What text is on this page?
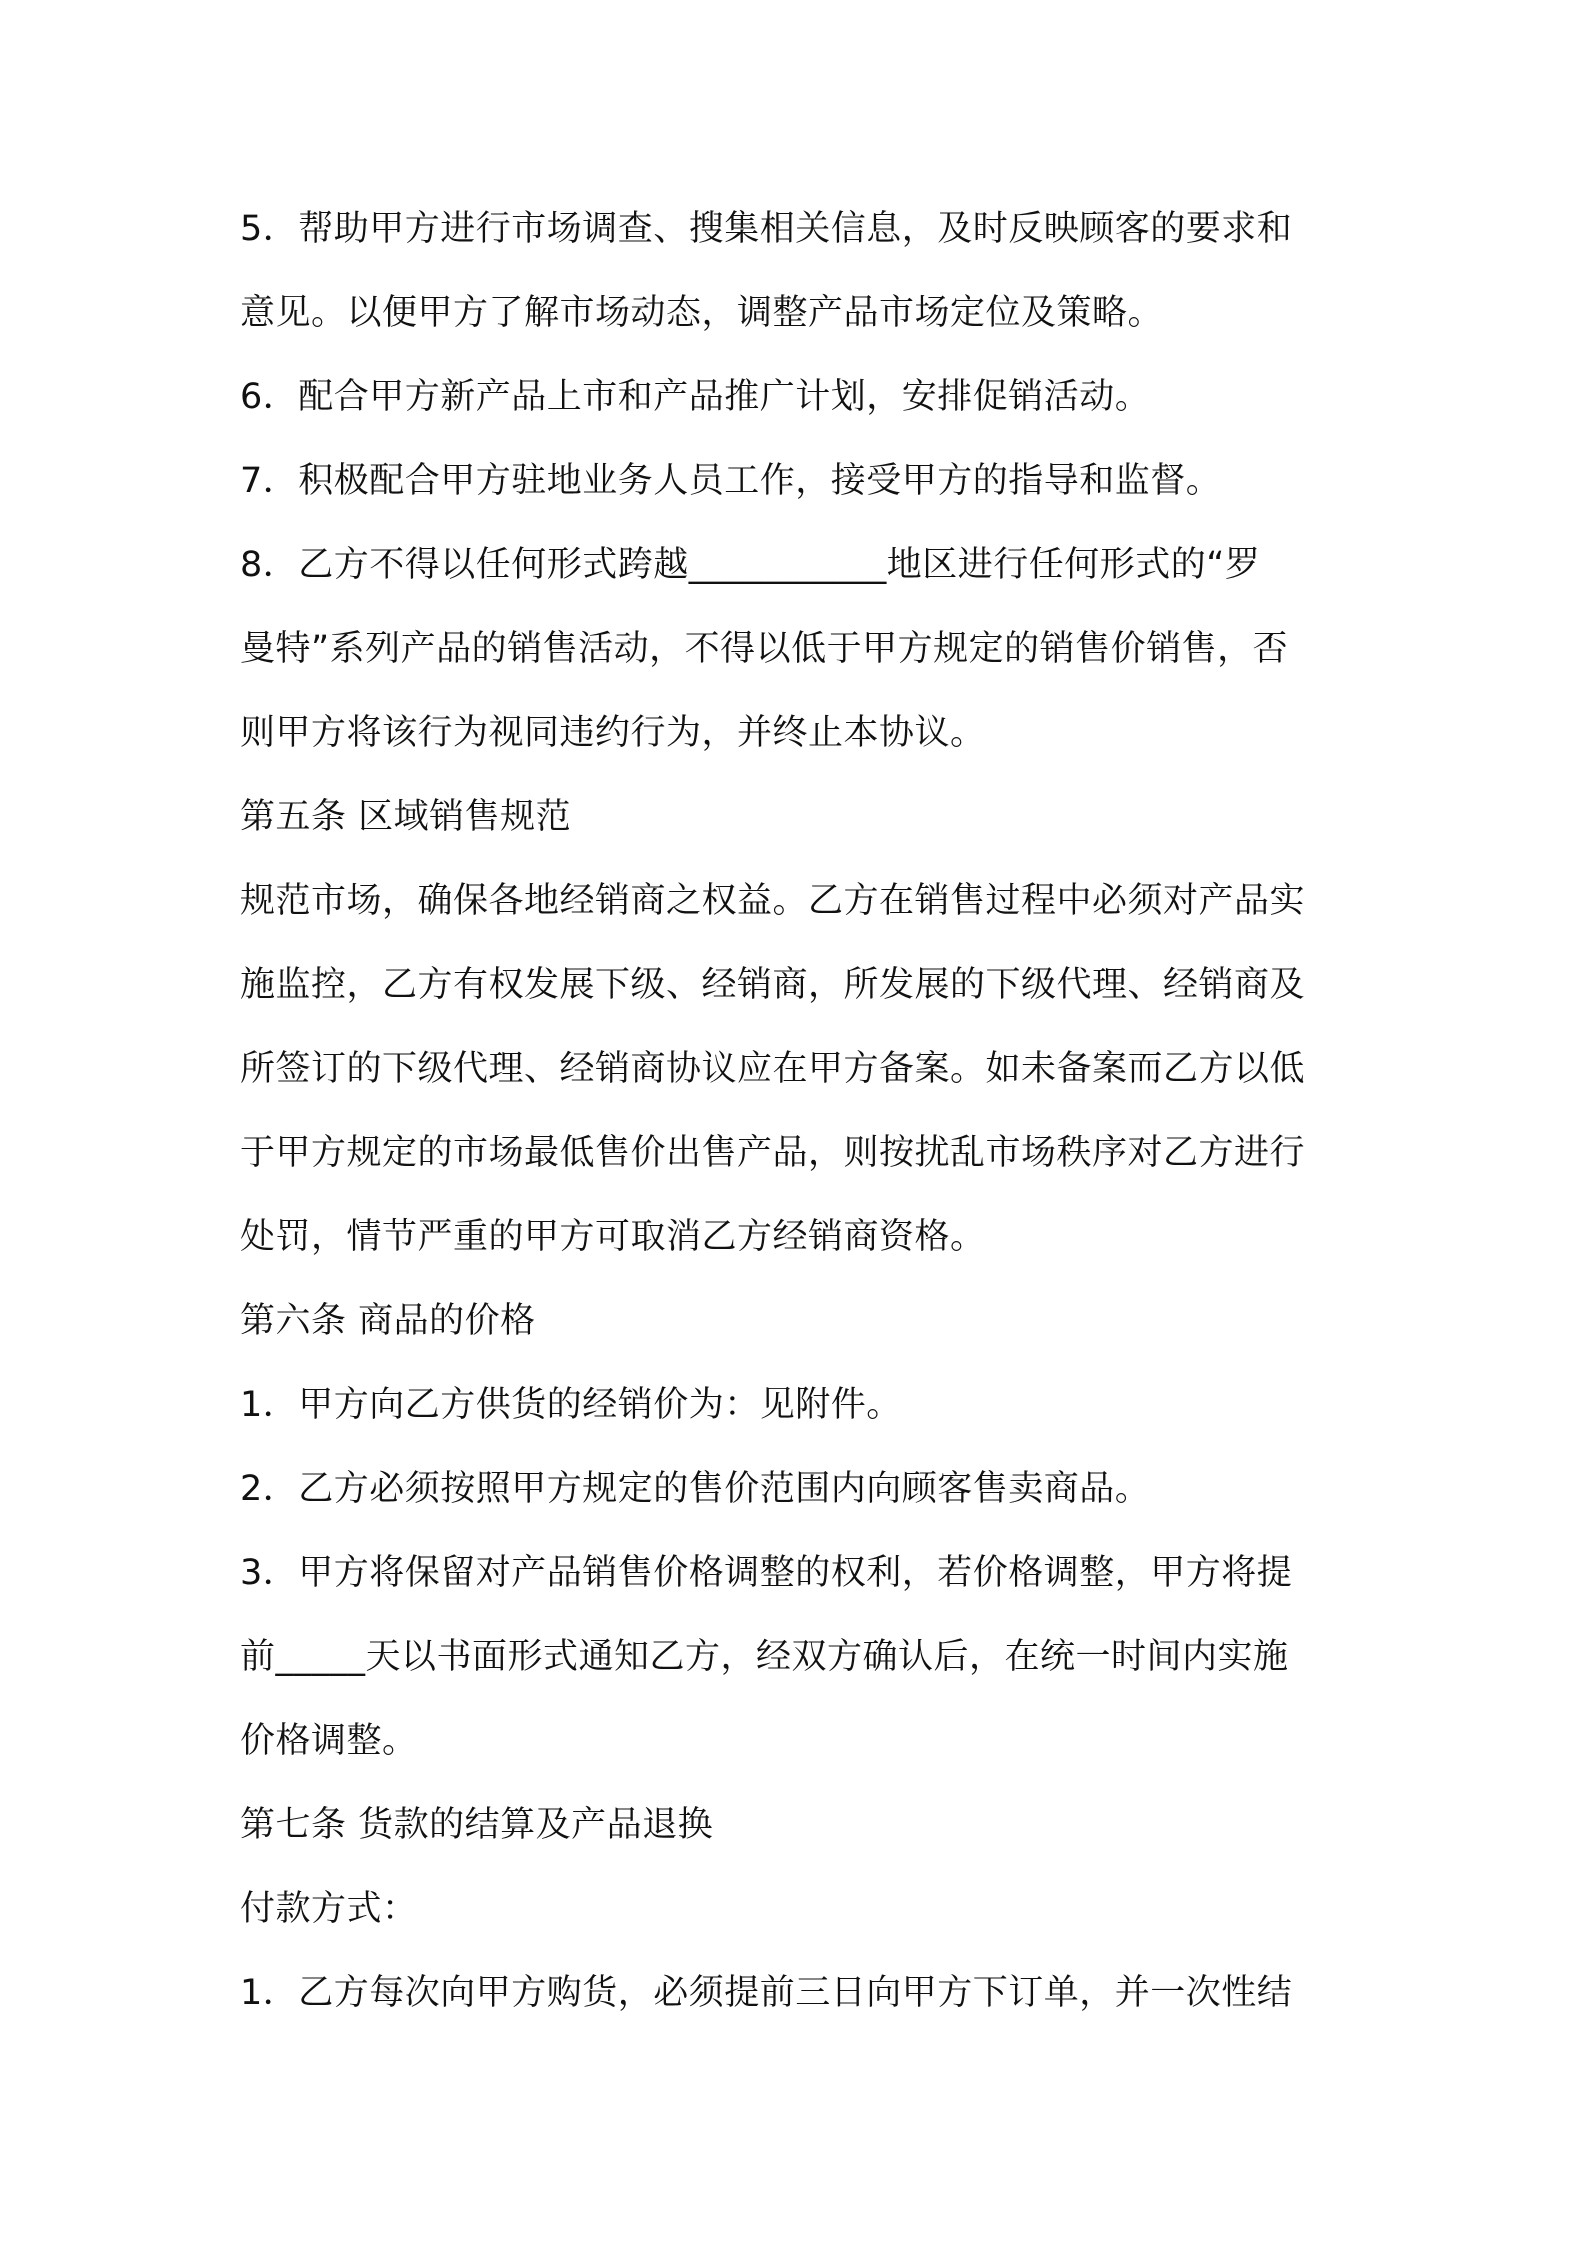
5．帮助甲方进行市场调查、搜集相关信息，及时反映顾客的要求和
意见。以便甲方了解市场动态，调整产品市场定位及策略。
6．配合甲方新产品上市和产品推广计划，安排促销活动。
7．积极配合甲方驻地业务人员工作，接受甲方的指导和监督。
8．乙方不得以任何形式跨越___________地区进行任何形式的“罗
曼特”系列产品的销售活动，不得以低于甲方规定的销售价销售，否
则甲方将该行为视同违约行为，并终止本协议。
第五条 区域销售规范
规范市场，确保各地经销商之权益。乙方在销售过程中必须对产品实
施监控，乙方有权发展下级、经销商，所发展的下级代理、经销商及
所签订的下级代理、经销商协议应在甲方备案。如未备案而乙方以低
于甲方规定的市场最低售价出售产品，则按扰乱市场秩序对乙方进行
处罚，情节严重的甲方可取消乙方经销商资格。
第六条 商品的价格
1．甲方向乙方供货的经销价为：见附件。
2．乙方必须按照甲方规定的售价范围内向顾客售卖商品。
3．甲方将保留对产品销售价格调整的权利，若价格调整，甲方将提
前_____天以书面形式通知乙方，经双方确认后，在统一时间内实施
价格调整。
第七条 货款的结算及产品退换
付款方式：
1．乙方每次向甲方购货，必须提前三日向甲方下订单，并一次性结
